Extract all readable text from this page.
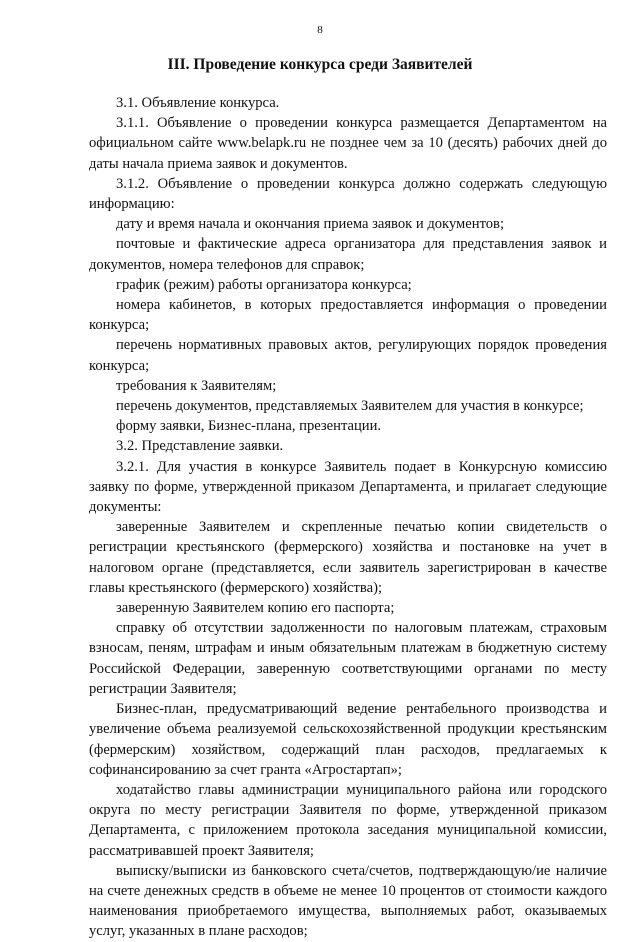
8
III. Проведение конкурса среди Заявителей

3.1. Объявление конкурса.

3.1.1. Объявление о проведении конкурса размещается Департаментом на официальном сайте www.belapk.ru не позднее чем за 10 (десять) рабочих дней до даты начала приема заявок и документов.

3.1.2. Объявление о проведении конкурса должно содержать следующую информацию:

дату и время начала и окончания приема заявок и документов;

почтовые и фактические адреса организатора для представления заявок и документов, номера телефонов для справок;

график (режим) работы организатора конкурса;

номера кабинетов, в которых предоставляется информация о проведении конкурса;

перечень нормативных правовых актов, регулирующих порядок проведения конкурса;

требования к Заявителям;

перечень документов, представляемых Заявителем для участия в конкурсе;

форму заявки, Бизнес-плана, презентации.

3.2. Представление заявки.

3.2.1. Для участия в конкурсе Заявитель подает в Конкурсную комиссию заявку по форме, утвержденной приказом Департамента, и прилагает следующие документы:

заверенные Заявителем и скрепленные печатью копии свидетельств о регистрации крестьянского (фермерского) хозяйства и постановке на учет в налоговом органе (представляется, если заявитель зарегистрирован в качестве главы крестьянского (фермерского) хозяйства);

заверенную Заявителем копию его паспорта;

справку об отсутствии задолженности по налоговым платежам, страховым взносам, пеням, штрафам и иным обязательным платежам в бюджетную систему Российской Федерации, заверенную соответствующими органами по месту регистрации Заявителя;

Бизнес-план, предусматривающий ведение рентабельного производства и увеличение объема реализуемой сельскохозяйственной продукции крестьянским (фермерским) хозяйством, содержащий план расходов, предлагаемых к софинансированию за счет гранта «Агростартап»;

ходатайство главы администрации муниципального района или городского округа по месту регистрации Заявителя по форме, утвержденной приказом Департамента, с приложением протокола заседания муниципальной комиссии, рассматривавшей проект Заявителя;

выписку/выписки из банковского счета/счетов, подтверждающую/ие наличие на счете денежных средств в объеме не менее 10 процентов от стоимости каждого наименования приобретаемого имущества, выполняемых работ, оказываемых услуг, указанных в плане расходов;
